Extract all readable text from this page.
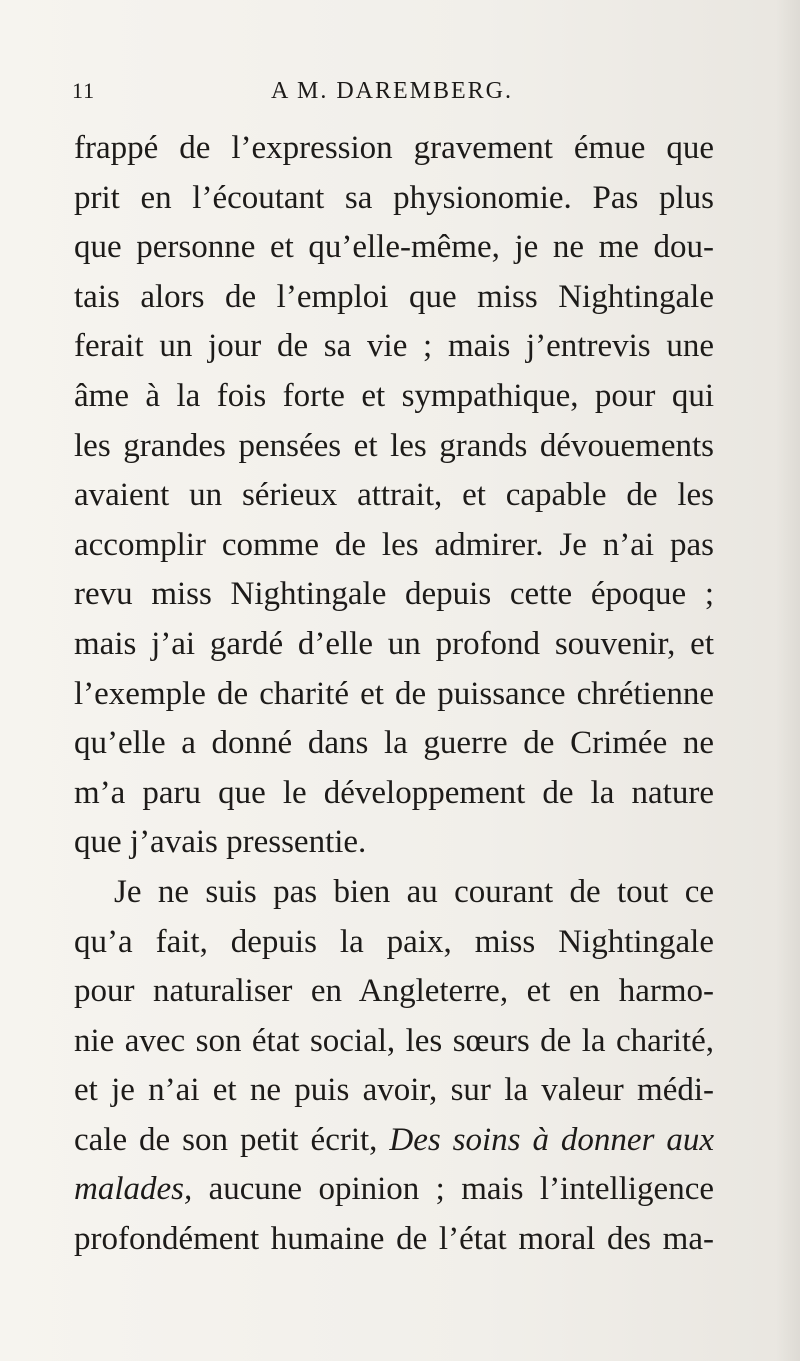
11	A M. DAREMBERG.
frappé de l’expression gravement émue que
prit en l’écoutant sa physionomie. Pas plus
que personne et qu’elle-même, je ne me dou-
tais alors de l’emploi que miss Nightingale
ferait un jour de sa vie ; mais j’entrevis une
âme à la fois forte et sympathique, pour qui
les grandes pensées et les grands dévouements
avaient un sérieux attrait, et capable de les
accomplir comme de les admirer. Je n’ai pas
revu miss Nightingale depuis cette époque ;
mais j’ai gardé d’elle un profond souvenir, et
l’exemple de charité et de puissance chrétienne
qu’elle a donné dans la guerre de Crimée ne
m’a paru que le développement de la nature
que j’avais pressentie.
Je ne suis pas bien au courant de tout ce
qu’a fait, depuis la paix, miss Nightingale
pour naturaliser en Angleterre, et en harmo-
nie avec son état social, les sœurs de la charité,
et je n’ai et ne puis avoir, sur la valeur médi-
cale de son petit écrit, Des soins à donner aux
malades, aucune opinion ; mais l’intelligence
profondément humaine de l’état moral des ma-
